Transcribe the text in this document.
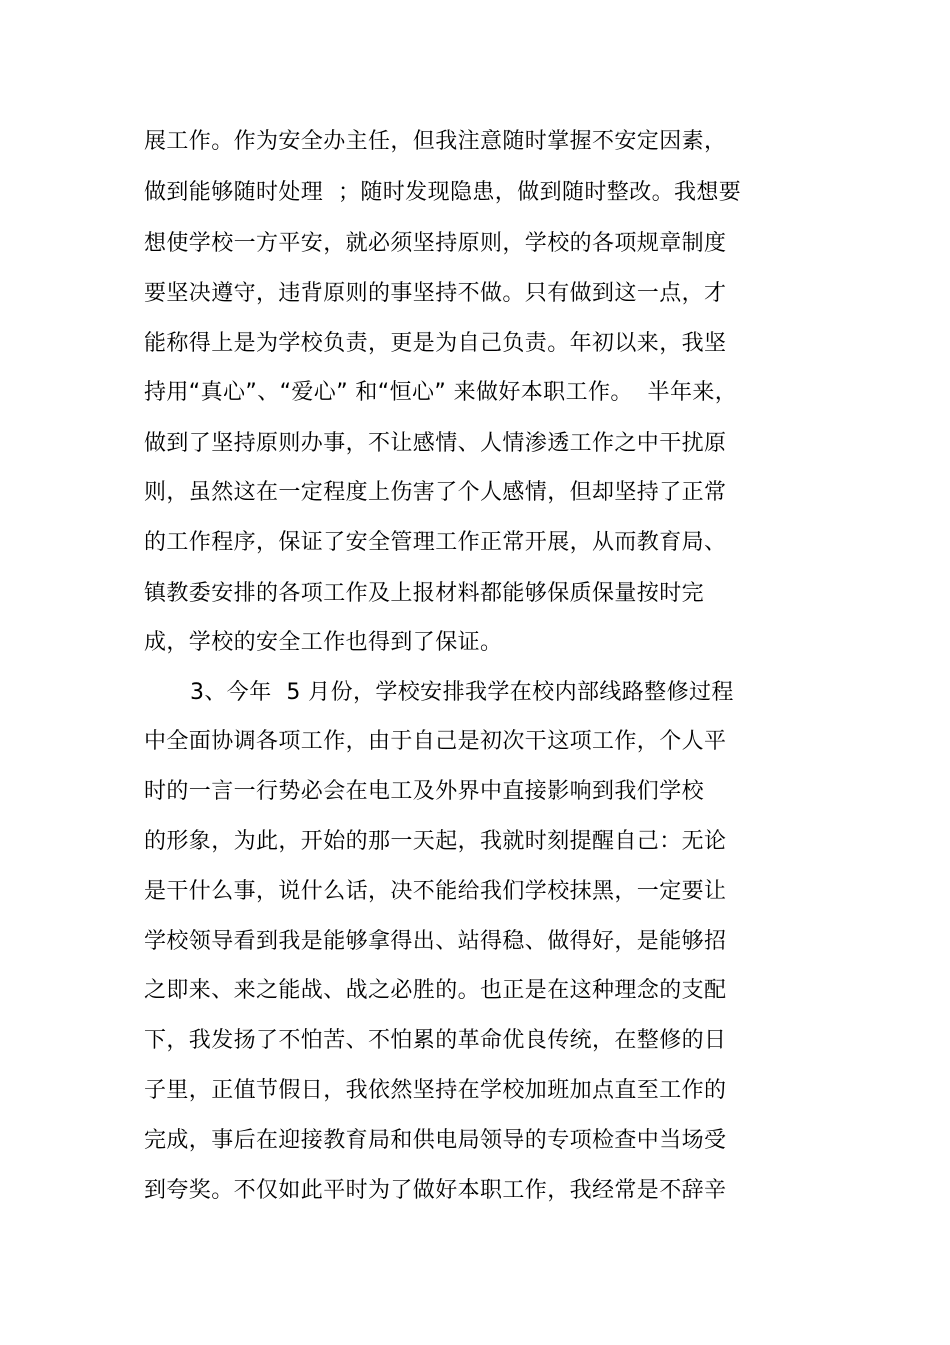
展工作。作为安全办主任，但我注意随时掌握不安定因素，
做到能够随时处理  ；随时发现隐患，做到随时整改。我想要
想使学校一方平安，就必须坚持原则，学校的各项规章制度
要坚决遵守，违背原则的事坚持不做。只有做到这一点，才
能称得上是为学校负责，更是为自己负责。年初以来，我坚
持用“真心”、“爱心” 和“恒心” 来做好本职工作。  半年来，
做到了坚持原则办事，不让感情、人情渗透工作之中干扰原
则，虽然这在一定程度上伤害了个人感情，但却坚持了正常
的工作程序，保证了安全管理工作正常开展，从而教育局、
镇教委安排的各项工作及上报材料都能够保质保量按时完
成，学校的安全工作也得到了保证。
3、今年  5 月份，学校安排我学在校内部线路整修过程
中全面协调各项工作，由于自己是初次干这项工作，个人平
时的一言一行势必会在电工及外界中直接影响到我们学校
的形象，为此，开始的那一天起，我就时刻提醒自己：无论
是干什么事，说什么话，决不能给我们学校抹黑，一定要让
学校领导看到我是能够拿得出、站得稳、做得好，是能够招
之即来、来之能战、战之必胜的。也正是在这种理念的支配
下，我发扬了不怕苦、不怕累的革命优良传统，在整修的日
子里，正值节假日，我依然坚持在学校加班加点直至工作的
完成，事后在迎接教育局和供电局领导的专项检查中当场受
到夸奖。不仅如此平时为了做好本职工作，我经常是不辞辛
